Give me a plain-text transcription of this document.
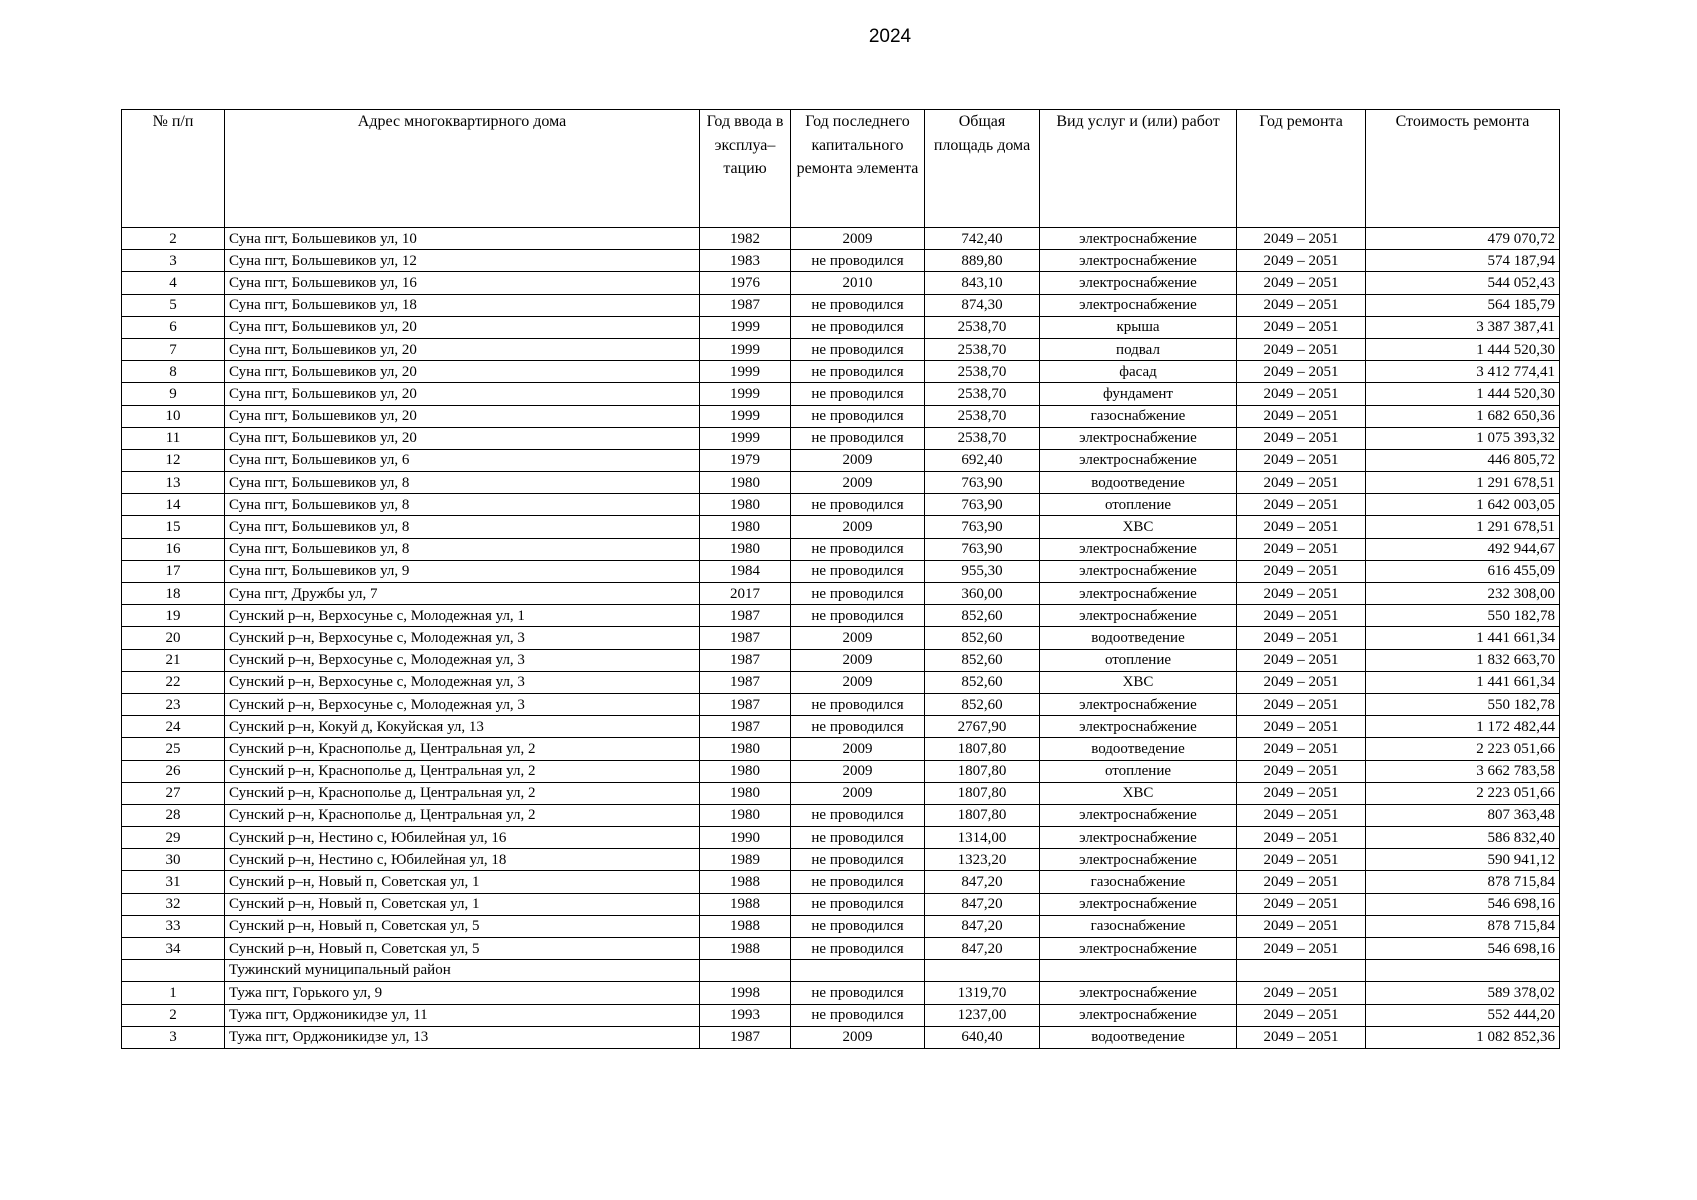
2024
№ п/п	Адрес многоквартирного дома	Год ввода в эксплуа–тацию	Год последнего капитального ремонта элемента	Общая площадь дома	Вид услуг и (или) работ	Год ремонта	Стоимость ремонта
2	Суна пгт, Большевиков ул, 10	1982	2009	742,40	электроснабжение	2049 – 2051	479 070,72
3	Суна пгт, Большевиков ул, 12	1983	не проводился	889,80	электроснабжение	2049 – 2051	574 187,94
4	Суна пгт, Большевиков ул, 16	1976	2010	843,10	электроснабжение	2049 – 2051	544 052,43
5	Суна пгт, Большевиков ул, 18	1987	не проводился	874,30	электроснабжение	2049 – 2051	564 185,79
6	Суна пгт, Большевиков ул, 20	1999	не проводился	2538,70	крыша	2049 – 2051	3 387 387,41
7	Суна пгт, Большевиков ул, 20	1999	не проводился	2538,70	подвал	2049 – 2051	1 444 520,30
8	Суна пгт, Большевиков ул, 20	1999	не проводился	2538,70	фасад	2049 – 2051	3 412 774,41
9	Суна пгт, Большевиков ул, 20	1999	не проводился	2538,70	фундамент	2049 – 2051	1 444 520,30
10	Суна пгт, Большевиков ул, 20	1999	не проводился	2538,70	газоснабжение	2049 – 2051	1 682 650,36
11	Суна пгт, Большевиков ул, 20	1999	не проводился	2538,70	электроснабжение	2049 – 2051	1 075 393,32
12	Суна пгт, Большевиков ул, 6	1979	2009	692,40	электроснабжение	2049 – 2051	446 805,72
13	Суна пгт, Большевиков ул, 8	1980	2009	763,90	водоотведение	2049 – 2051	1 291 678,51
14	Суна пгт, Большевиков ул, 8	1980	не проводился	763,90	отопление	2049 – 2051	1 642 003,05
15	Суна пгт, Большевиков ул, 8	1980	2009	763,90	ХВС	2049 – 2051	1 291 678,51
16	Суна пгт, Большевиков ул, 8	1980	не проводился	763,90	электроснабжение	2049 – 2051	492 944,67
17	Суна пгт, Большевиков ул, 9	1984	не проводился	955,30	электроснабжение	2049 – 2051	616 455,09
18	Суна пгт, Дружбы ул, 7	2017	не проводился	360,00	электроснабжение	2049 – 2051	232 308,00
19	Сунский р–н, Верхосунье с, Молодежная ул, 1	1987	не проводился	852,60	электроснабжение	2049 – 2051	550 182,78
20	Сунский р–н, Верхосунье с, Молодежная ул, 3	1987	2009	852,60	водоотведение	2049 – 2051	1 441 661,34
21	Сунский р–н, Верхосунье с, Молодежная ул, 3	1987	2009	852,60	отопление	2049 – 2051	1 832 663,70
22	Сунский р–н, Верхосунье с, Молодежная ул, 3	1987	2009	852,60	ХВС	2049 – 2051	1 441 661,34
23	Сунский р–н, Верхосунье с, Молодежная ул, 3	1987	не проводился	852,60	электроснабжение	2049 – 2051	550 182,78
24	Сунский р–н, Кокуй д, Кокуйская ул, 13	1987	не проводился	2767,90	электроснабжение	2049 – 2051	1 172 482,44
25	Сунский р–н, Краснополье д, Центральная ул, 2	1980	2009	1807,80	водоотведение	2049 – 2051	2 223 051,66
26	Сунский р–н, Краснополье д, Центральная ул, 2	1980	2009	1807,80	отопление	2049 – 2051	3 662 783,58
27	Сунский р–н, Краснополье д, Центральная ул, 2	1980	2009	1807,80	ХВС	2049 – 2051	2 223 051,66
28	Сунский р–н, Краснополье д, Центральная ул, 2	1980	не проводился	1807,80	электроснабжение	2049 – 2051	807 363,48
29	Сунский р–н, Нестино с, Юбилейная ул, 16	1990	не проводился	1314,00	электроснабжение	2049 – 2051	586 832,40
30	Сунский р–н, Нестино с, Юбилейная ул, 18	1989	не проводился	1323,20	электроснабжение	2049 – 2051	590 941,12
31	Сунский р–н, Новый п, Советская ул, 1	1988	не проводился	847,20	газоснабжение	2049 – 2051	878 715,84
32	Сунский р–н, Новый п, Советская ул, 1	1988	не проводился	847,20	электроснабжение	2049 – 2051	546 698,16
33	Сунский р–н, Новый п, Советская ул, 5	1988	не проводился	847,20	газоснабжение	2049 – 2051	878 715,84
34	Сунский р–н, Новый п, Советская ул, 5	1988	не проводился	847,20	электроснабжение	2049 – 2051	546 698,16
	Тужинский муниципальный район						
1	Тужа пгт, Горького ул, 9	1998	не проводился	1319,70	электроснабжение	2049 – 2051	589 378,02
2	Тужа пгт, Орджоникидзе ул, 11	1993	не проводился	1237,00	электроснабжение	2049 – 2051	552 444,20
3	Тужа пгт, Орджоникидзе ул, 13	1987	2009	640,40	водоотведение	2049 – 2051	1 082 852,36
